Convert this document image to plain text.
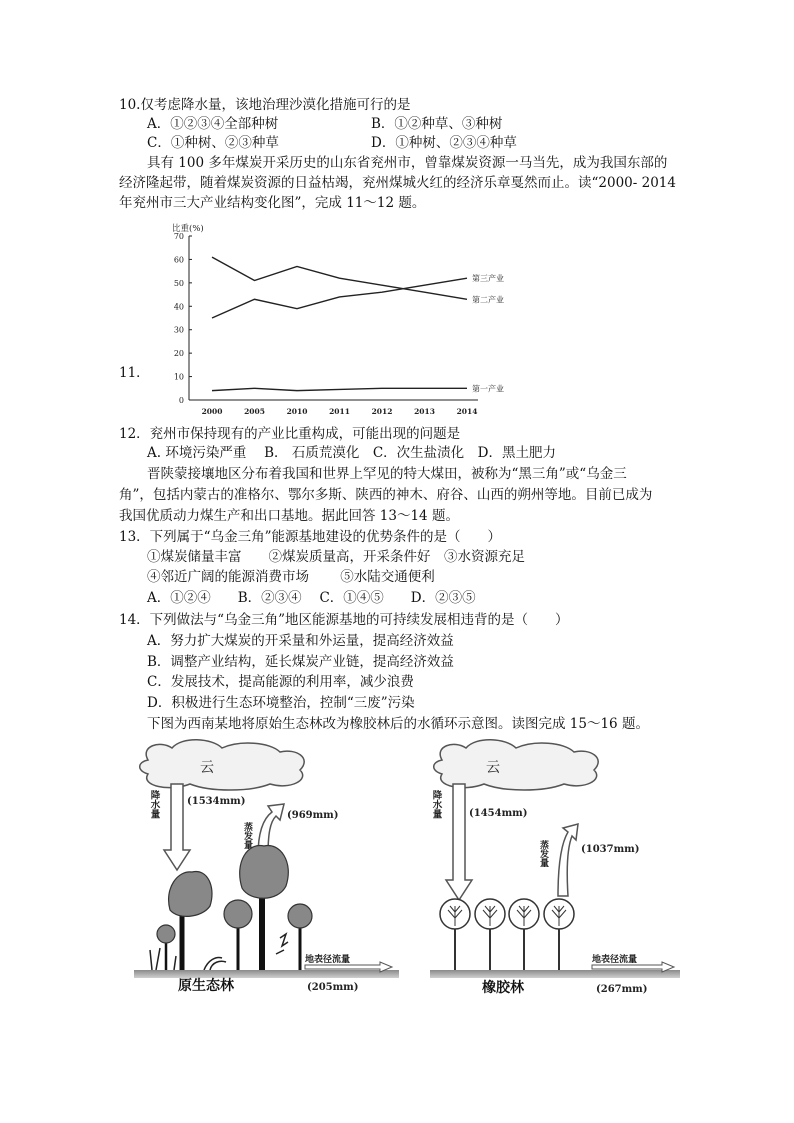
10.仅考虑降水量，该地治理沙漠化措施可行的是
A．①②③④全部种树	B．①②种草、③种树
C．①种树、②③种草	D．①种树、②③④种草
具有 100 多年煤炭开采历史的山东省兖州市，曾靠煤炭资源一马当先，成为我国东部的
经济隆起带，随着煤炭资源的日益枯竭，兖州煤城火红的经济乐章戛然而止。读“2000- 2014
年兖州市三大产业结构变化图”，完成 11～12 题。
11．
比重(%)
0
10
20
30
40
50
60
70
2000	2005	2010	2011	2012	2013	2014
第三产业
第二产业
第一产业
12．兖州市保持现有的产业比重构成，可能出现的问题是
A. 环境污染严重　 B． 石质荒漠化　C．次生盐渍化　D．黑土肥力
晋陕蒙接壤地区分布着我国和世界上罕见的特大煤田，被称为“黑三角”或“乌金三
角”，包括内蒙古的准格尔、鄂尔多斯、陕西的神木、府谷、山西的朔州等地。目前已成为
我国优质动力煤生产和出口基地。据此回答 13～14 题。
13．下列属于“乌金三角”能源基地建设的优势条件的是（　　）
①煤炭储量丰富　　②煤炭质量高，开采条件好　③水资源充足
④邻近广阔的能源消费市场　　 ⑤水陆交通便利
A．①②④　　B．②③④　 C．①④⑤　　D．②③⑤
14．下列做法与“乌金三角”地区能源基地的可持续发展相违背的是（　　）
A．努力扩大煤炭的开采量和外运量，提高经济效益
B．调整产业结构，延长煤炭产业链，提高经济效益
C．发展技术，提高能源的利用率，减少浪费
D．积极进行生态环境整治，控制“三废”污染
下图为西南某地将原始生态林改为橡胶林后的水循环示意图。读图完成 15～16 题。
云
降水量	(1534mm)
蒸发量
(969mm)
地表径流量
(205mm)
原生态林
云
降水量	(1454mm)
蒸发量	(1037mm)
地表径流量
(267mm)
橡胶林
